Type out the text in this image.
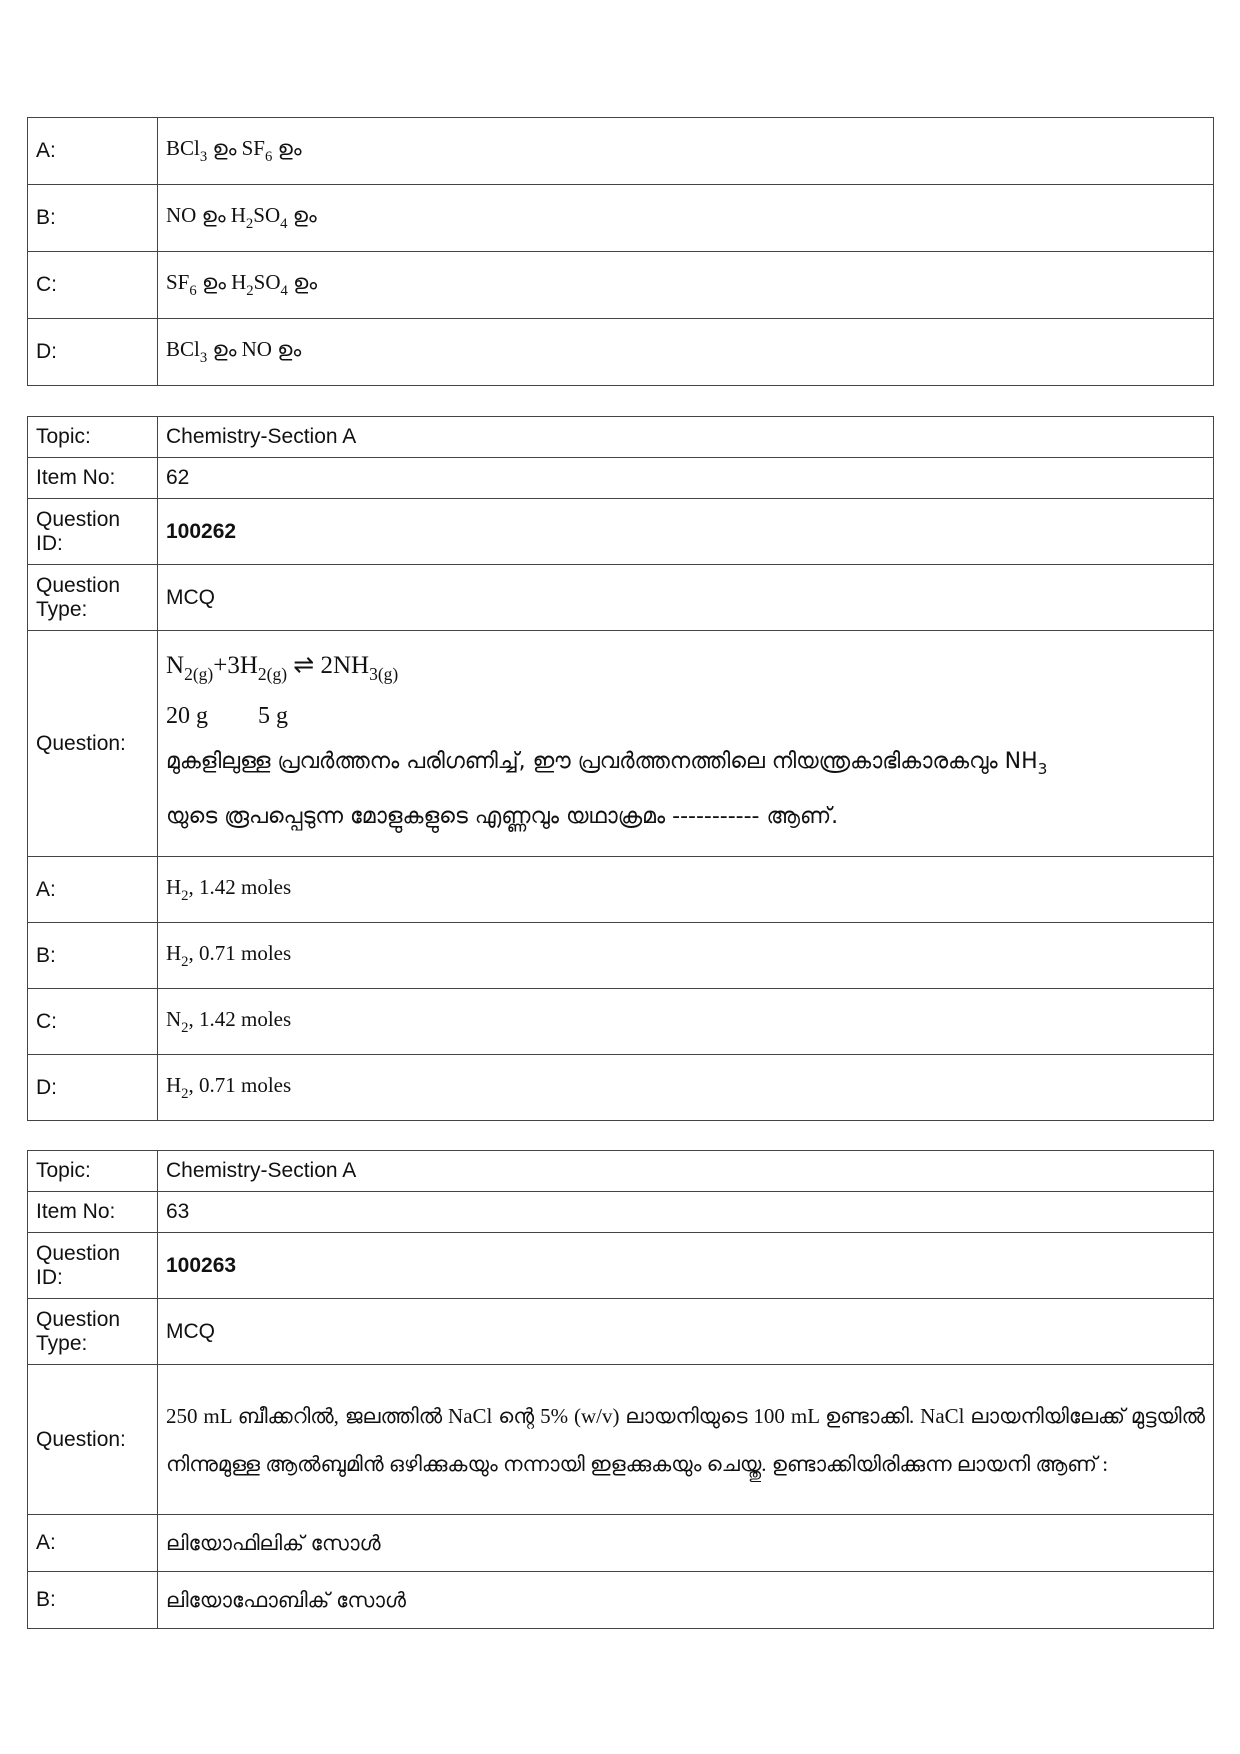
A:	BCl$_3$ ഉം $SF_6$ ഉം
B:	NO ഉം $H_2SO_4$ ഉം
C:	$SF_6$ ഉം $H_2SO_4$ ഉം
D:	BCl$_3$ ഉം NO ഉം
Topic:	Chemistry-Section A
Item No:	62
Question ID:	100262
Question Type:	MCQ
Question:	$N_{2(g)}+3H_{2(g)}$ ⇌ $2NH_{3(g)}$
20 g 5 g
മുകളിലുള്ള പ്രവർത്തനം പരിഗണിച്ച്, ഈ പ്രവർത്തനത്തിലെ നിയന്ത്രകാഭികാരകവും $NH_3$
യുടെ രൂപപ്പെടുന്ന മോളുകളുടെ എണ്ണവും യഥാക്രമം ----------- ആണ്.

A:	$H_2$, 1.42 moles
B:	$H_2$, 0.71 moles
C:	$N_2$, 1.42 moles
D:	$H_2$, 0.71 moles
Topic:	Chemistry-Section A
Item No:	63
Question ID:	100263
Question Type:	MCQ
Question:	250 mL ബീക്കറിൽ, ജലത്തിൽ NaCl ന്റെ 5% (w/v) ലായനിയുടെ 100 mL ഉണ്ടാക്കി. NaCl ലായനിയിലേക്ക് മുട്ടയിൽ നിന്നുമുള്ള ആൽബുമിൻ ഒഴിക്കുകയും നന്നായി ഇളക്കുകയും ചെയ്തു. ഉണ്ടാക്കിയിരിക്കുന്ന ലായനി ആണ് :
A:	ലിയോഫിലിക് സോൾ
B:	ലിയോഫോബിക് സോൾ
